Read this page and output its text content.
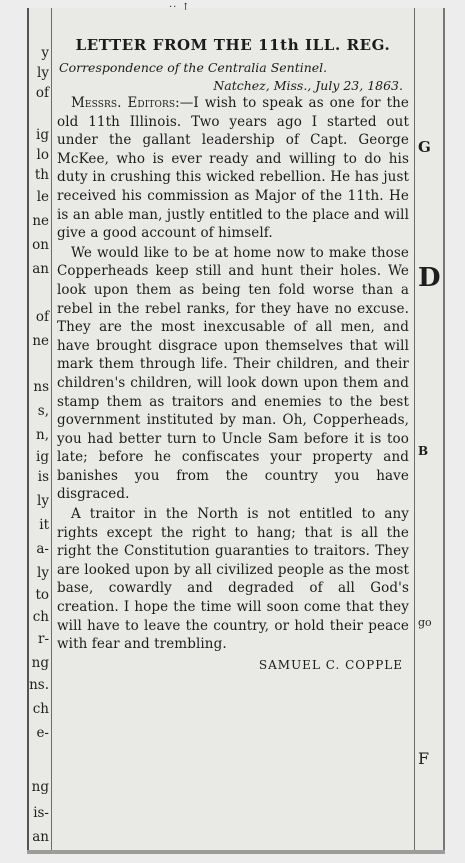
·· ↑
y
ly
of
ig
lo
th
le
ne
on
an
of
ne
ns
s,
n,
ig
is
ly
it
a-
ly
to
ch
r-
ng
ns.
ch
e-
ng
is-
an
G
D
B
go
F
LETTER FROM THE 11th ILL. REG.
Correspondence of the Centralia Sentinel.
Natchez, Miss., July 23, 1863.

Messrs. Editors:—I wish to speak as one for the old 11th Illinois. Two years ago I started out under the gallant leadership of Capt. George McKee, who is ever ready and willing to do his duty in crushing this wicked rebellion. He has just received his commission as Major of the 11th. He is an able man, justly entitled to the place and will give a good account of himself.

We would like to be at home now to make those Copperheads keep still and hunt their holes. We look upon them as being ten fold worse than a rebel in the rebel ranks, for they have no excuse. They are the most inexcusable of all men, and have brought disgrace upon themselves that will mark them through life. Their children, and their children's children, will look down upon them and stamp them as traitors and enemies to the best government instituted by man. Oh, Copperheads, you had better turn to Uncle Sam before it is too late; before he confiscates your property and banishes you from the country you have disgraced.

A traitor in the North is not entitled to any rights except the right to hang; that is all the right the Constitution guaranties to traitors. They are looked upon by all civilized people as the most base, cowardly and degraded of all God's creation. I hope the time will soon come that they will have to leave the country, or hold their peace with fear and trembling.

SAMUEL C. COPPLE
